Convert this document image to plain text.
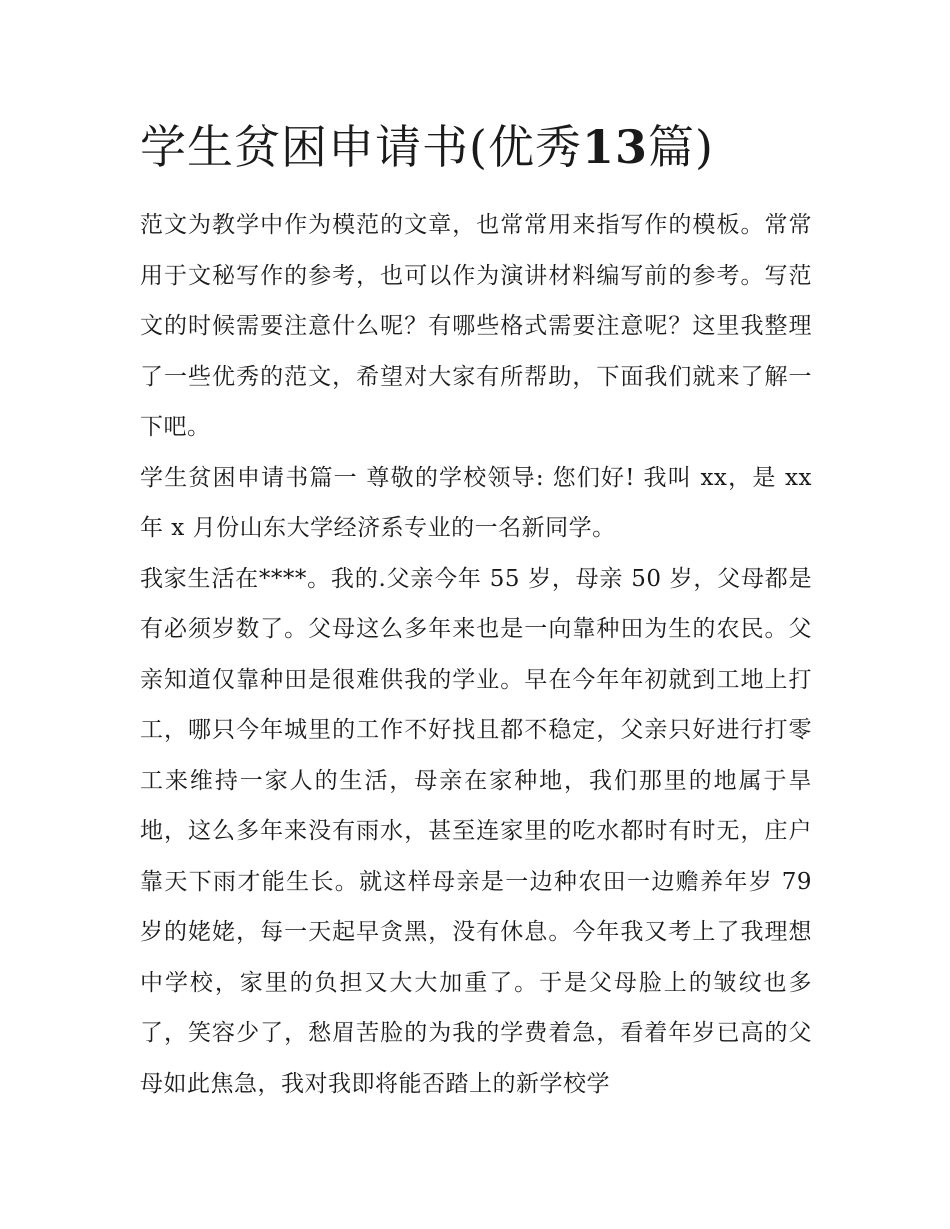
学生贫困申请书(优秀13篇)

范文为教学中作为模范的文章，也常常用来指写作的模板。常常用于文秘写作的参考，也可以作为演讲材料编写前的参考。写范文的时候需要注意什么呢？有哪些格式需要注意呢？这里我整理了一些优秀的范文，希望对大家有所帮助，下面我们就来了解一下吧。

学生贫困申请书篇一 尊敬的学校领导: 您们好! 我叫 xx，是 xx 年 x 月份山东大学经济系专业的一名新同学。

我家生活在****。我的.父亲今年 55 岁，母亲 50 岁，父母都是有必须岁数了。父母这么多年来也是一向靠种田为生的农民。父亲知道仅靠种田是很难供我的学业。早在今年年初就到工地上打工，哪只今年城里的工作不好找且都不稳定，父亲只好进行打零工来维持一家人的生活，母亲在家种地，我们那里的地属于旱地，这么多年来没有雨水，甚至连家里的吃水都时有时无，庄户靠天下雨才能生长。就这样母亲是一边种农田一边赡养年岁 79 岁的姥姥，每一天起早贪黑，没有休息。今年我又考上了我理想中学校，家里的负担又大大加重了。于是父母脸上的皱纹也多了，笑容少了，愁眉苦脸的为我的学费着急，看着年岁已高的父母如此焦急，我对我即将能否踏上的新学校学
